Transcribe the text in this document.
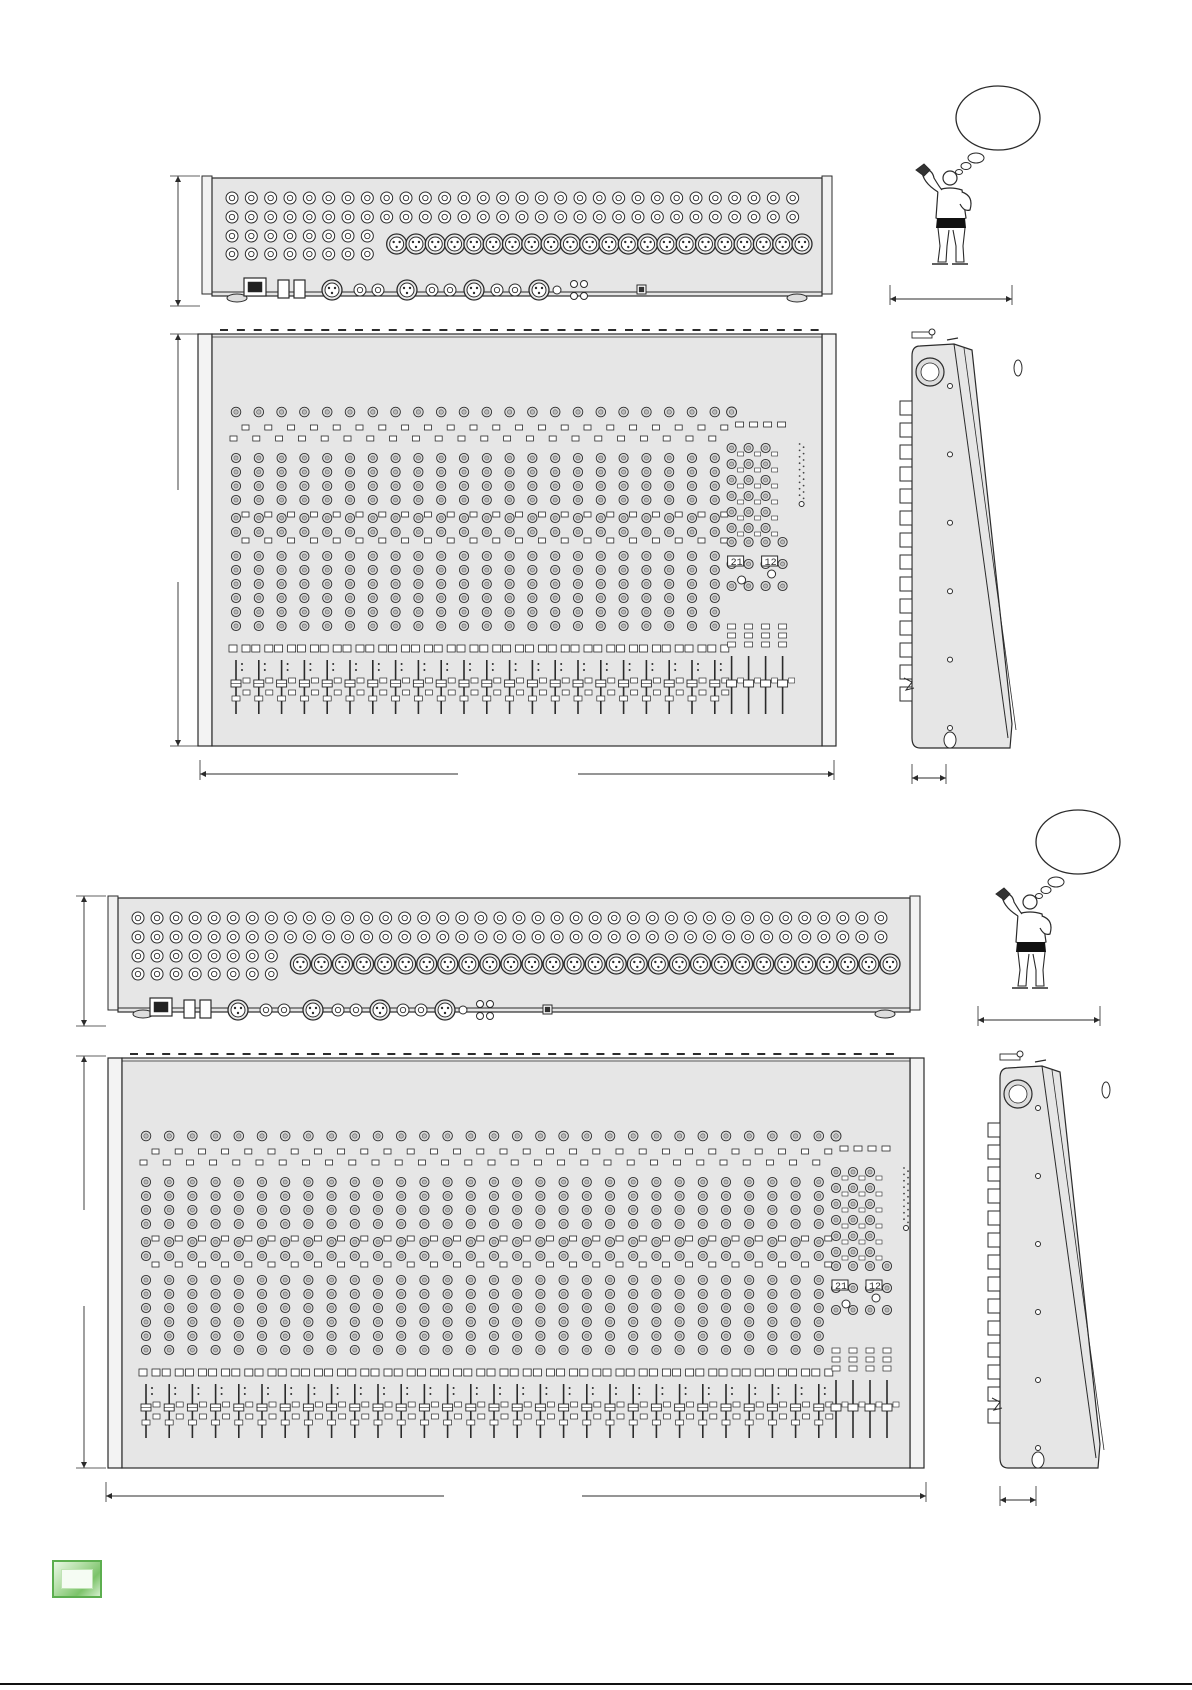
21 12
21 12
